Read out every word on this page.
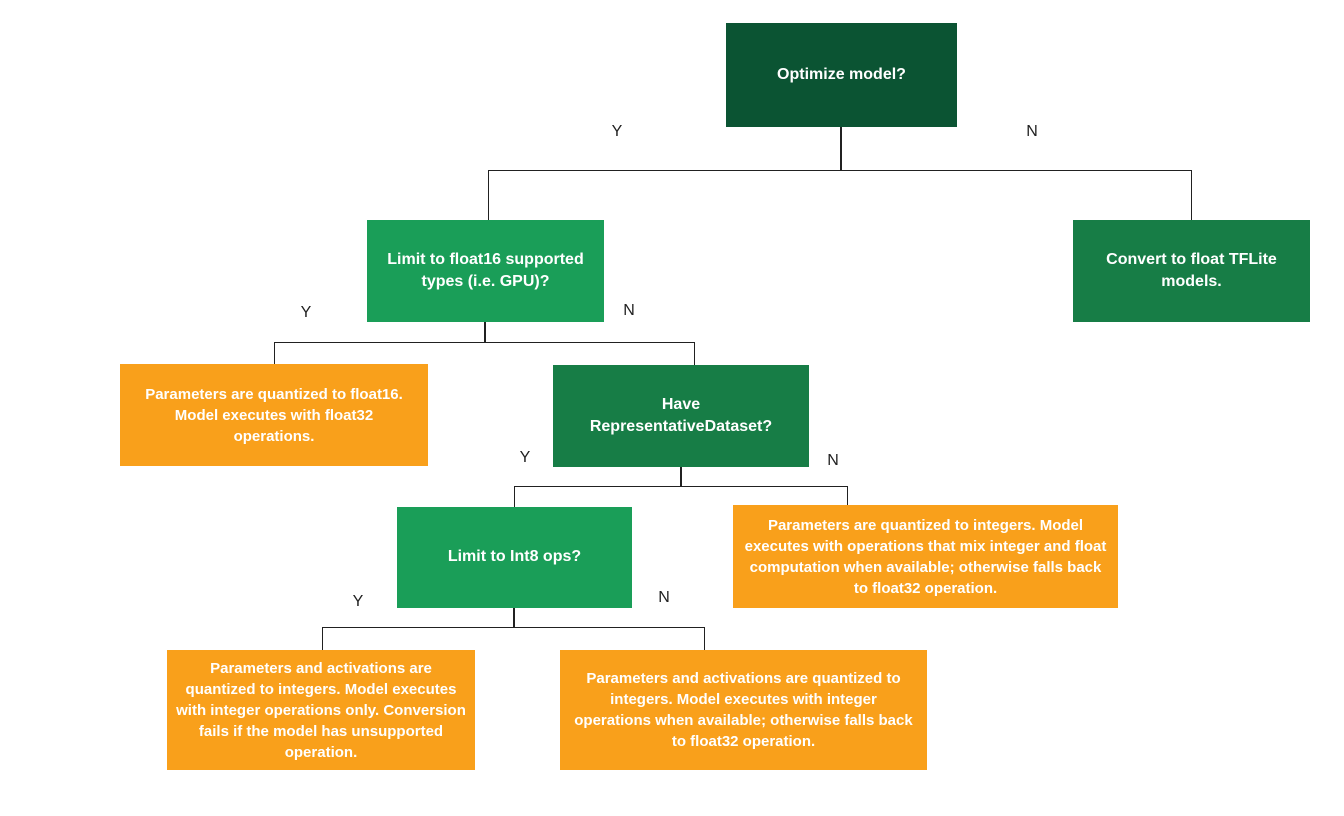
Y	N
Y	N
Y	N
Y	N
Optimize model?
Limit to float16 supported types (i.e. GPU)?
Convert to float TFLite models.
Parameters are quantized to float16. Model executes with float32 operations.
Have RepresentativeDataset?
Parameters are quantized to integers. Model executes with operations that mix integer and float computation when available; otherwise falls back to float32 operation.
Limit to Int8 ops?
Parameters and activations are quantized to integers. Model executes with integer operations only. Conversion fails if the model has unsupported operation.
Parameters and activations are quantized to integers. Model executes with integer operations when available; otherwise falls back to float32 operation.
